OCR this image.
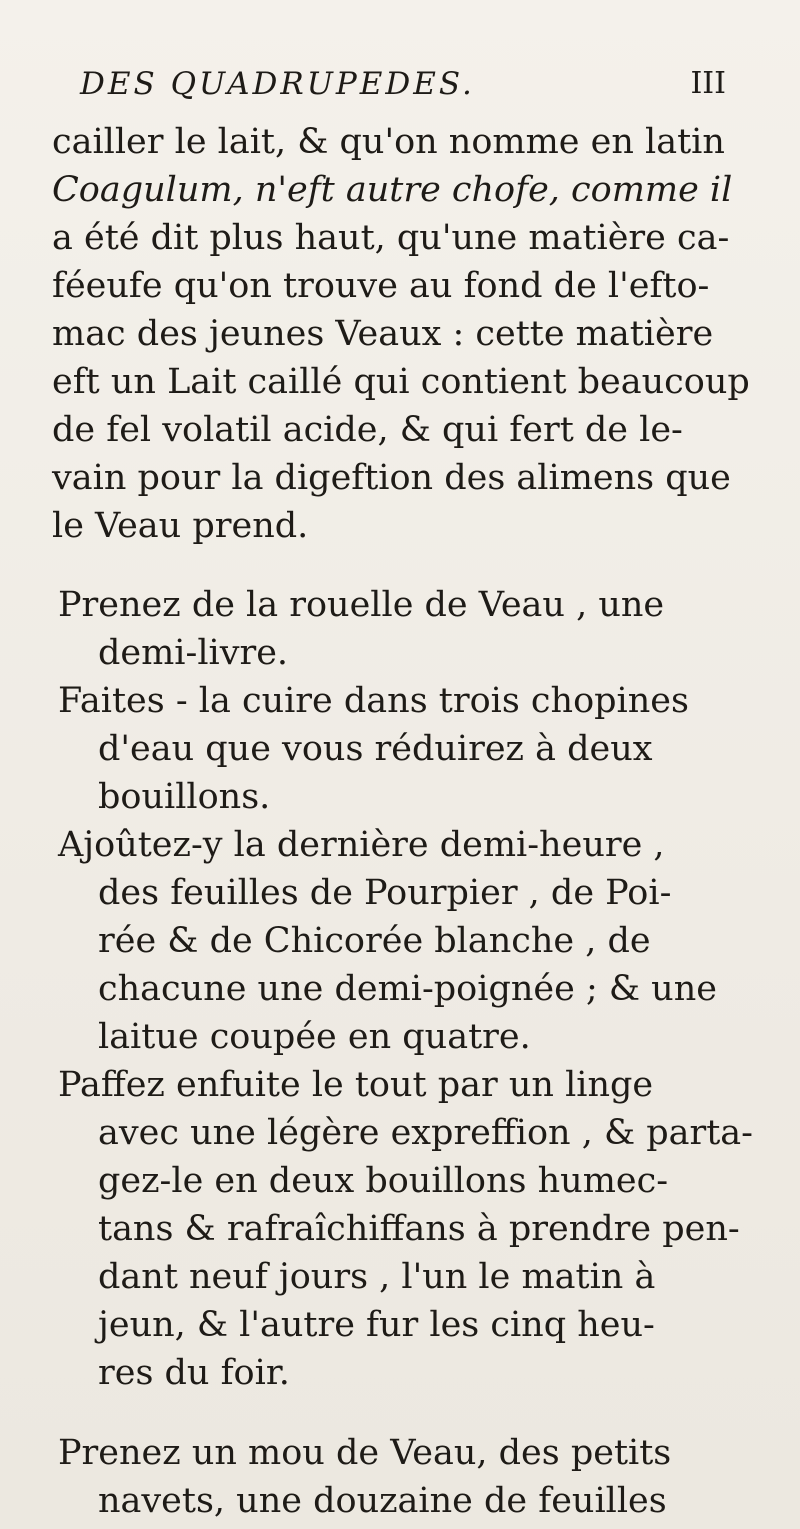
DES QUADRUPEDES.	III
cailler le lait, & qu'on nomme en latin
Coagulum, n'eft autre chofe, comme il
a été dit plus haut, qu'une matière ca-
féeufe qu'on trouve au fond de l'efto-
mac des jeunes Veaux : cette matière
eft un Lait caillé qui contient beaucoup
de fel volatil acide, & qui fert de le-
vain pour la digeftion des alimens que
le Veau prend.
Prenez de la rouelle de Veau , une
demi-livre.
Faites - la cuire dans trois chopines
d'eau que vous réduirez à deux
bouillons.
Ajoûtez-y la dernière demi-heure ,
des feuilles de Pourpier , de Poi-
rée & de Chicorée blanche , de
chacune une demi-poignée ; & une
laitue coupée en quatre.
Paffez enfuite le tout par un linge
avec une légère expreffion , & parta-
gez-le en deux bouillons humec-
tans & rafraîchiffans à prendre pen-
dant neuf jours , l'un le matin à
jeun, & l'autre fur les cinq heu-
res du foir.
Prenez un mou de Veau, des petits
navets, une douzaine de feuilles
